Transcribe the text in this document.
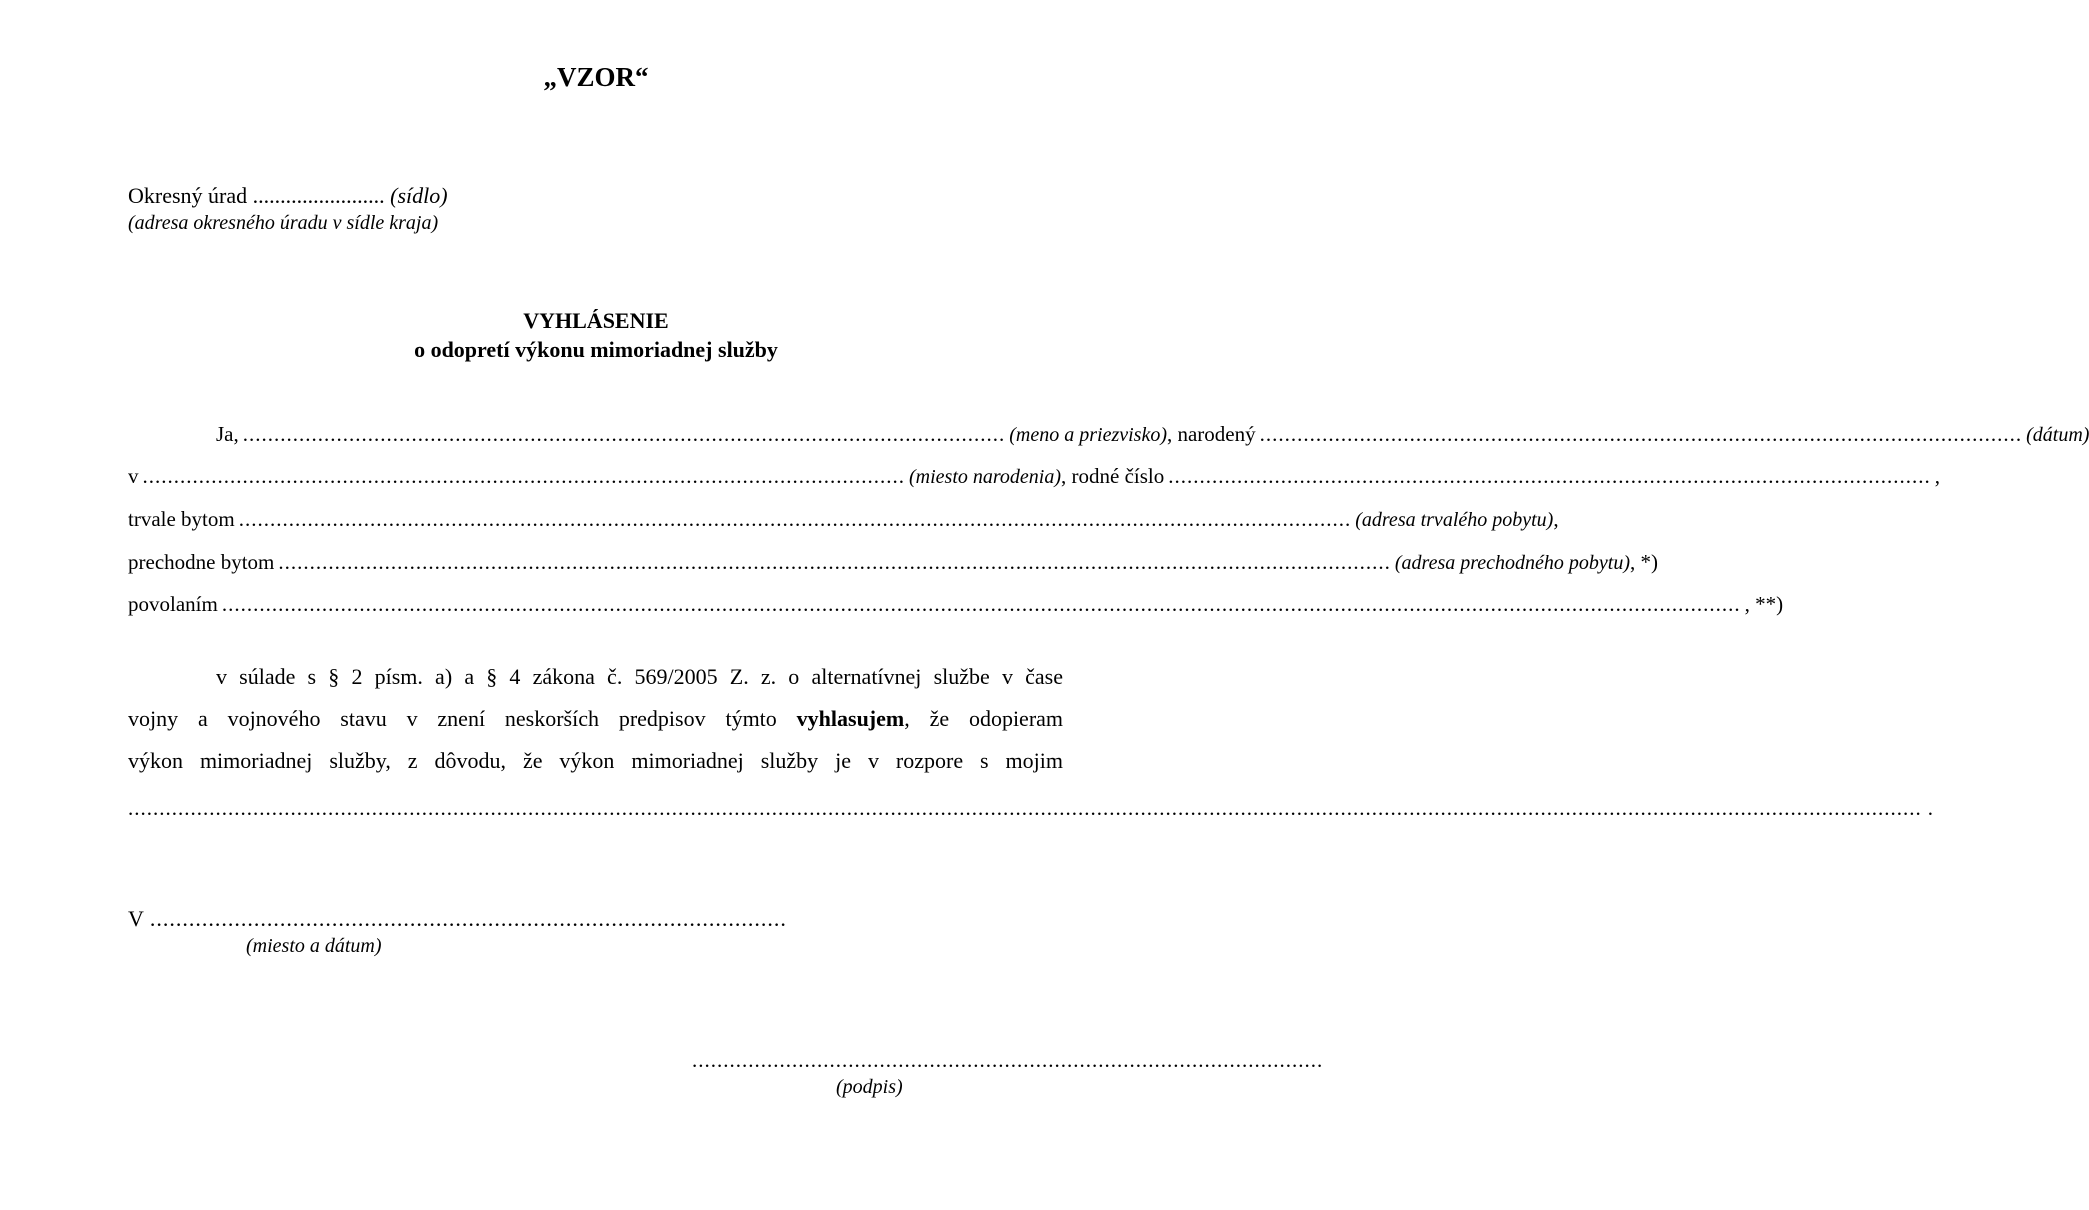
„VZOR“
Okresný úrad ........................ (sídlo)
(adresa okresného úradu v sídle kraja)
VYHLÁSENIE
o odopretí výkonu mimoriadnej služby
Ja, .......................................................................................................................... (meno a priezvisko) , narodený .......................................................................................................................... (dátum)
v .......................................................................................................................... (miesto narodenia) , rodné číslo .......................................................................................................................... ,
trvale bytom .................................................................................................................................................................................. (adresa trvalého pobytu) ,
prechodne bytom .................................................................................................................................................................................. (adresa prechodného pobytu) , *)
povolaním ................................................................................................................................................................................................................................................... , **)
v súlade s § 2 písm. a) a § 4 zákona č. 569/2005 Z. z. o alternatívnej službe v čase
vojny a vojnového stavu v znení neskorších predpisov týmto vyhlasujem, že odopieram
výkon mimoriadnej služby, z dôvodu, že výkon mimoriadnej služby je v rozpore s mojim
............................................................................................................................................................................................................................................................................................... .
V ..................................................................................................
(miesto a dátum)
.....................................................................................................
(podpis)
